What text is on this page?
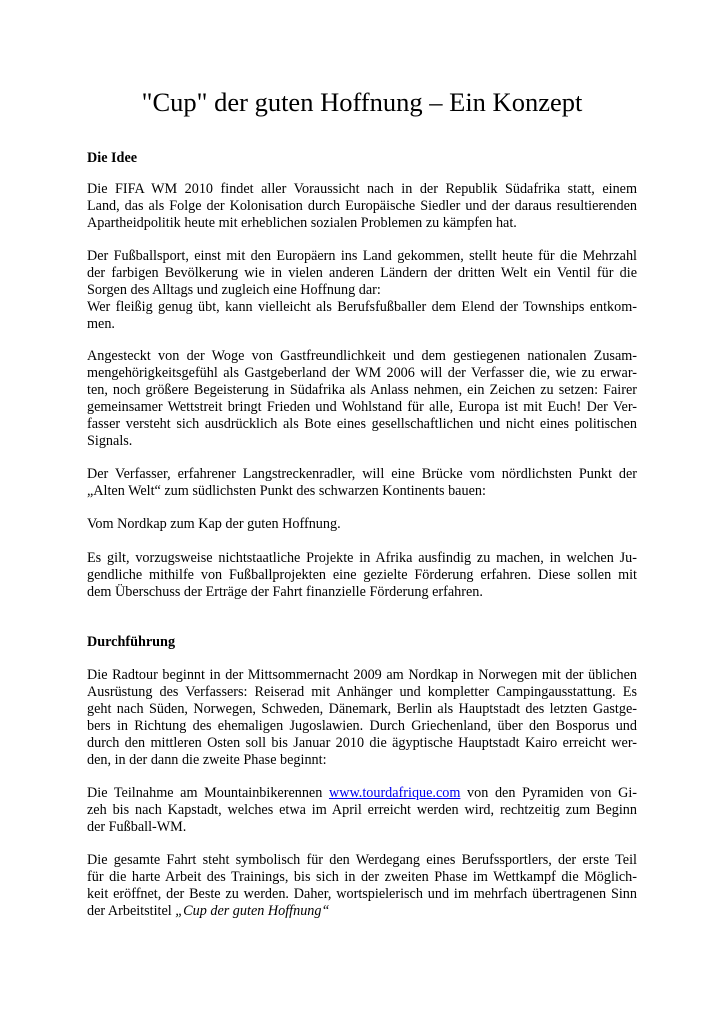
"Cup" der guten Hoffnung – Ein Konzept
Die Idee
Die FIFA WM 2010 findet aller Voraussicht nach in der Republik Südafrika statt, einem
Land, das als Folge der Kolonisation durch Europäische Siedler und der daraus resultierenden
Apartheidpolitik heute mit erheblichen sozialen Problemen zu kämpfen hat.
Der Fußballsport, einst mit den Europäern ins Land gekommen, stellt heute für die Mehrzahl
der farbigen Bevölkerung wie in vielen anderen Ländern der dritten Welt ein Ventil für die
Sorgen des Alltags und zugleich eine Hoffnung dar:
Wer fleißig genug übt, kann vielleicht als Berufsfußballer dem Elend der Townships entkom-
men.
Angesteckt von der Woge von Gastfreundlichkeit und dem gestiegenen nationalen Zusam-
mengehörigkeitsgefühl als Gastgeberland der WM 2006 will der Verfasser die, wie zu erwar-
ten, noch größere Begeisterung in Südafrika als Anlass nehmen, ein Zeichen zu setzen: Fairer
gemeinsamer Wettstreit bringt Frieden und Wohlstand für alle, Europa ist mit Euch! Der Ver-
fasser versteht sich ausdrücklich als Bote eines gesellschaftlichen und nicht eines politischen
Signals.
Der Verfasser, erfahrener Langstreckenradler, will eine Brücke vom nördlichsten Punkt der
„Alten Welt“ zum südlichsten Punkt des schwarzen Kontinents bauen:
Vom Nordkap zum Kap der guten Hoffnung.
Es gilt, vorzugsweise nichtstaatliche Projekte in Afrika ausfindig zu machen, in welchen Ju-
gendliche mithilfe von Fußballprojekten eine gezielte Förderung erfahren. Diese sollen mit
dem Überschuss der Erträge der Fahrt finanzielle Förderung erfahren.
Durchführung
Die Radtour beginnt in der Mittsommernacht 2009 am Nordkap in Norwegen mit der üblichen
Ausrüstung des Verfassers: Reiserad mit Anhänger und kompletter Campingausstattung. Es
geht nach Süden, Norwegen, Schweden, Dänemark, Berlin als Hauptstadt des letzten Gastge-
bers in Richtung des ehemaligen Jugoslawien. Durch Griechenland, über den Bosporus und
durch den mittleren Osten soll bis Januar 2010 die ägyptische Hauptstadt Kairo erreicht wer-
den, in der dann die zweite Phase beginnt:
Die Teilnahme am Mountainbikerennen www.tourdafrique.com von den Pyramiden von Gi-
zeh bis nach Kapstadt, welches etwa im April erreicht werden wird, rechtzeitig zum Beginn
der Fußball-WM.
Die gesamte Fahrt steht symbolisch für den Werdegang eines Berufssportlers, der erste Teil
für die harte Arbeit des Trainings, bis sich in der zweiten Phase im Wettkampf die Möglich-
keit eröffnet, der Beste zu werden. Daher, wortspielerisch und im mehrfach übertragenen Sinn
der Arbeitstitel „Cup der guten Hoffnung“
